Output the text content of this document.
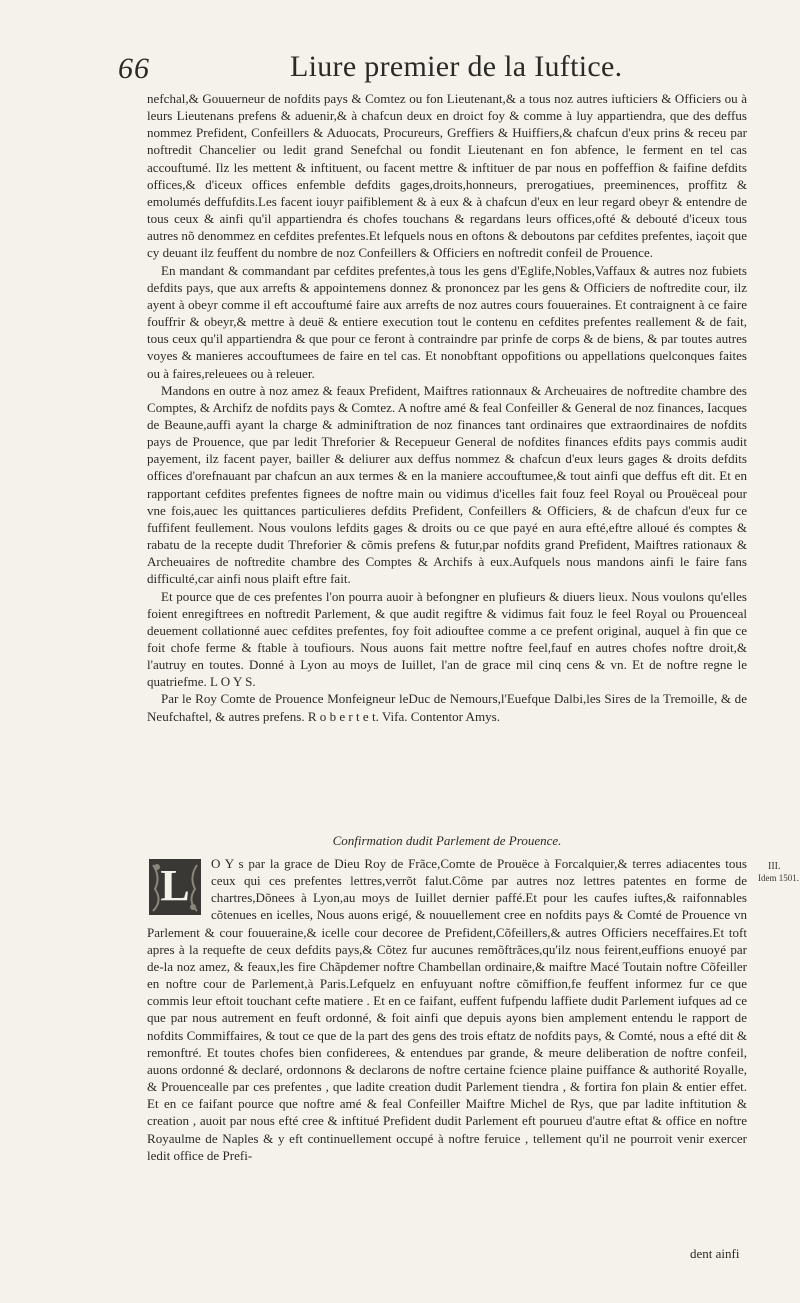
66	Liure premier de la Iuftice.

nefchal,& Gouuerneur de nofdits pays & Comtez ou fon Lieutenant,& a tous noz autres iufticiers & Officiers ou à leurs Lieutenans prefens & aduenir,& à chafcun deux en droict foy & comme à luy appartiendra, que des deffus nommez Prefident, Confeillers & Aduocats, Procureurs, Greffiers & Huiffiers,& chafcun d'eux prins & receu par noftredit Chancelier ou ledit grand Senefchal ou fondit Lieutenant en fon abfence, le ferment en tel cas accouftumé. Ilz les mettent & inftituent, ou facent mettre & inftituer de par nous en poffeffion & faifine defdits offices,& d'iceux offices enfemble defdits gages,droits,honneurs, prerogatiues, preeminences, proffitz & emolumés deffufdits.Les facent iouyr paifiblement & à eux & à chafcun d'eux en leur regard obeyr & entendre de tous ceux & ainfi qu'il appartiendra és chofes touchans & regardans leurs offices,ofté & debouté d'iceux tous autres nõ denommez en cefdites prefentes.Et lefquels nous en oftons & deboutons par cefdites prefentes, iaçoit que cy deuant ilz feuffent du nombre de noz Confeillers & Officiers en noftredit confeil de Prouence.

En mandant & commandant par cefdites prefentes,à tous les gens d'Eglife,Nobles,Vaffaux & autres noz fubiets defdits pays, que aux arrefts & appointemens donnez & prononcez par les gens & Officiers de noftredite cour, ilz ayent à obeyr comme il eft accouftumé faire aux arrefts de noz autres cours fouueraines. Et contraignent à ce faire fouffrir & obeyr,& mettre à deuë & entiere execution tout le contenu en cefdites prefentes reallement & de fait, tous ceux qu'il appartiendra & que pour ce feront à contraindre par prinfe de corps & de biens, & par toutes autres voyes & manieres accouftumees de faire en tel cas. Et nonobftant oppofitions ou appellations quelconques faites ou à faires,releuees ou à releuer.

Mandons en outre à noz amez & feaux Prefident, Maiftres rationnaux & Archeuaires de noftredite chambre des Comptes, & Archifz de nofdits pays & Comtez. A noftre amé & feal Confeiller & General de noz finances, Iacques de Beaune,auffi ayant la charge & adminiftration de noz finances tant ordinaires que extraordinaires de nofdits pays de Prouence, que par ledit Threforier & Recepueur General de nofdites finances efdits pays commis audit payement, ilz facent payer, bailler & deliurer aux deffus nommez & chafcun d'eux leurs gages & droits defdits offices d'orefnauant par chafcun an aux termes & en la maniere accouftumee,& tout ainfi que deffus eft dit. Et en rapportant cefdites prefentes fignees de noftre main ou vidimus d'icelles fait fouz feel Royal ou Prouëceal pour vne fois,auec les quittances particulieres defdits Prefident, Confeillers & Officiers, & de chafcun d'eux fur ce fuffifent feullement. Nous voulons lefdits gages & droits ou ce que payé en aura efté,eftre alloué és comptes & rabatu de la recepte dudit Threforier & cõmis prefens & futur,par nofdits grand Prefident, Maiftres rationaux & Archeuaires de noftredite chambre des Comptes & Archifs à eux.Aufquels nous mandons ainfi le faire fans difficulté,car ainfi nous plaift eftre fait.

Et pource que de ces prefentes l'on pourra auoir à befongner en plufieurs & diuers lieux. Nous voulons qu'elles foient enregiftrees en noftredit Parlement, & que audit regiftre & vidimus fait fouz le feel Royal ou Prouenceal deuement collationné auec cefdites prefentes, foy foit adiouftee comme a ce prefent original, auquel à fin que ce foit chofe ferme & ftable à toufiours. Nous auons fait mettre noftre feel,fauf en autres chofes noftre droit,& l'autruy en toutes. Donné à Lyon au moys de Iuillet, l'an de grace mil cinq cens & vn. Et de noftre regne le quatriefme. L O Y S.

Par le Roy Comte de Prouence Monfeigneur leDuc de Nemours,l'Euefque Dalbi,les Sires de la Tremoille, & de Neufchaftel, & autres prefens. R o b e r t e t. Vifa. Contentor Amys.

Confirmation dudit Parlement de Prouence.
L	O Y s par la grace de Dieu Roy de Frãce,Comte de Prouëce à Forcalquier,& terres adiacentes tous ceux qui ces prefentes lettres,verrõt falut.Côme par autres noz lettres patentes en forme de chartres,Dõnees à Lyon,au moys de Iuillet dernier paffé.Et pour les caufes iuftes,& raifonnables cõtenues en icelles, Nous auons erigé, & nouuellement cree en nofdits pays & Comté de Prouence vn Parlement & cour fouueraine,& icelle cour decoree de Prefident,Cõfeillers,& autres Officiers neceffaires.Et toft apres à la requefte de ceux defdits pays,& Cõtez fur aucunes remõftrãces,qu'ilz nous feirent,euffions enuoyé par de-la noz amez, & feaux,les fire Chãpdemer noftre Chambellan ordinaire,& maiftre Macé Toutain noftre Cõfeiller en noftre cour de Parlement,à Paris.Lefquelz en enfuyuant noftre cõmiffion,fe feuffent informez fur ce que commis leur eftoit touchant cefte matiere . Et en ce faifant, euffent fufpendu laffiete dudit Parlement iufques ad ce que par nous autrement en feuft ordonné, & foit ainfi que depuis ayons bien amplement entendu le rapport de nofdits Commiffaires, & tout ce que de la part des gens des trois eftatz de nofdits pays, & Comté, nous a efté dit & remonftré. Et toutes chofes bien confiderees, & entendues par grande, & meure deliberation de noftre confeil, auons ordonné & declaré, ordonnons & declarons de noftre certaine fcience plaine puiffance & authorité Royalle, & Prouencealle par ces prefentes , que ladite creation dudit Parlement tiendra , & fortira fon plain & entier effet. Et en ce faifant pource que noftre amé & feal Confeiller Maiftre Michel de Rys, que par ladite inftitution & creation , auoit par nous efté cree & inftitué Prefident dudit Parlement eft pourueu d'autre eftat & office en noftre Royaulme de Naples & y eft continuellement occupé à noftre feruice , tellement qu'il ne pourroit venir exercer ledit office de Prefi-
dent ainfi
III.
Idem 1501.
